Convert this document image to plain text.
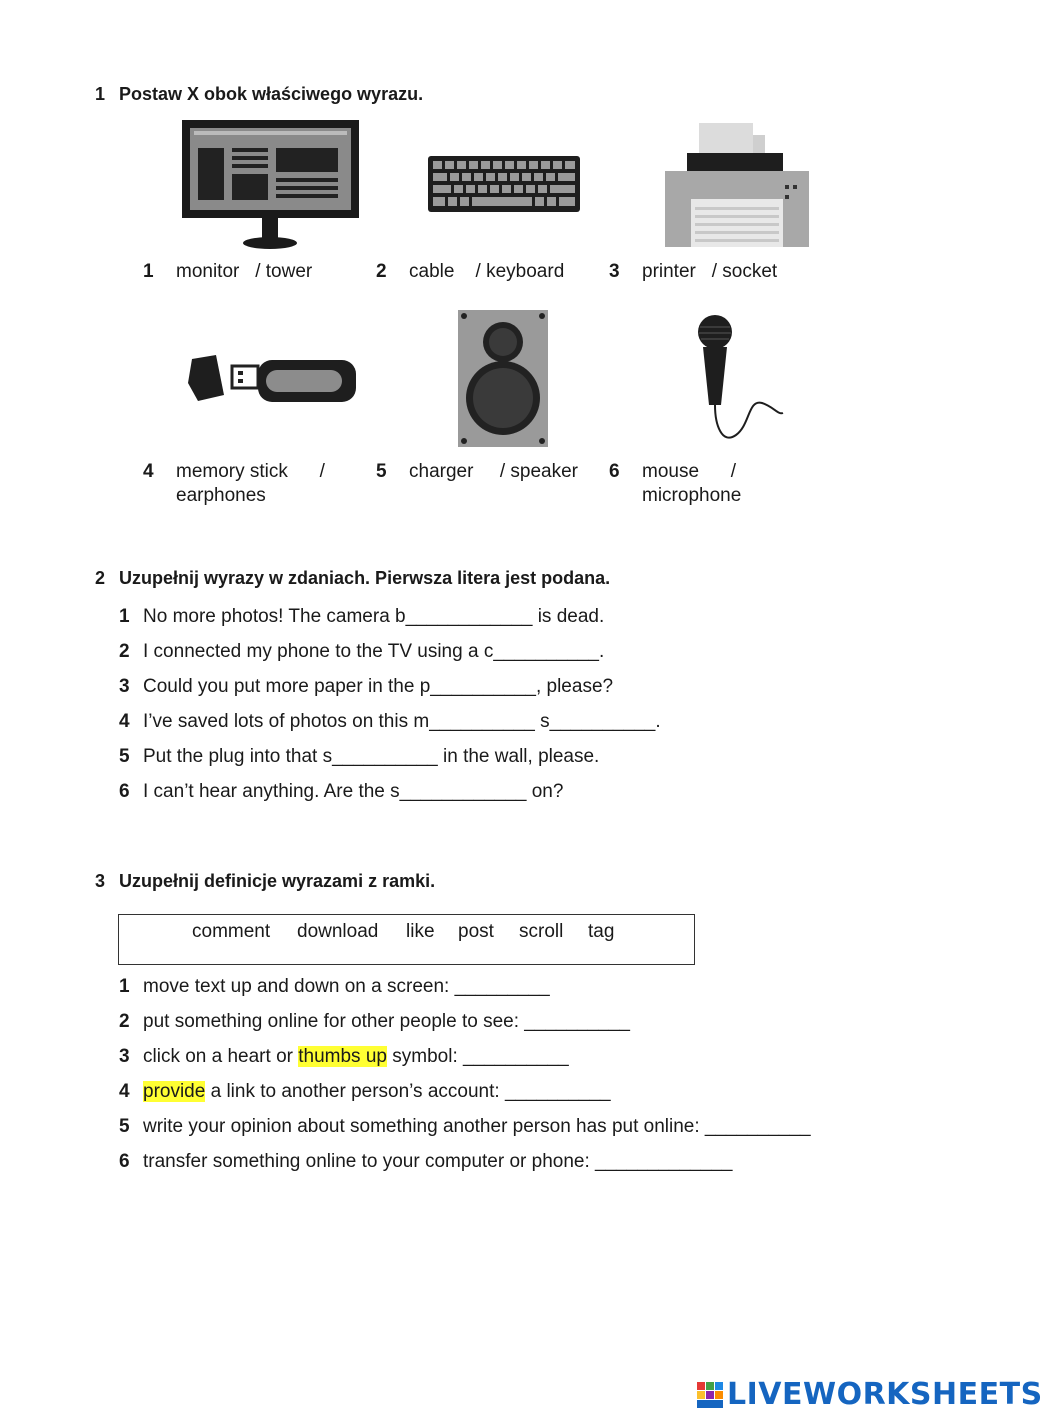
1 Postaw X obok właściwego wyrazu.
1 monitor / tower	2 cable / keyboard 3 printer / socket
4 memory stick /
earphones
5 charger / speaker 6 mouse /
microphone
2 Uzupełnij wyrazy w zdaniach. Pierwsza litera jest podana.
1 No more photos! The camera b____________ is dead.
2 I connected my phone to the TV using a c__________.
3 Could you put more paper in the p__________, please?
4 I’ve saved lots of photos on this m__________ s__________.
5 Put the plug into that s__________ in the wall, please.
6 I can’t hear anything. Are the s____________ on?
3 Uzupełnij definicje wyrazami z ramki.
comment download like post scroll tag
1 move text up and down on a screen: _________
2 put something online for other people to see: __________
3 click on a heart or thumbs up symbol: __________
4 provide a link to another person’s account: __________
5 write your opinion about something another person has put online: __________
6 transfer something online to your computer or phone: _____________
LIVEWORKSHEETS
